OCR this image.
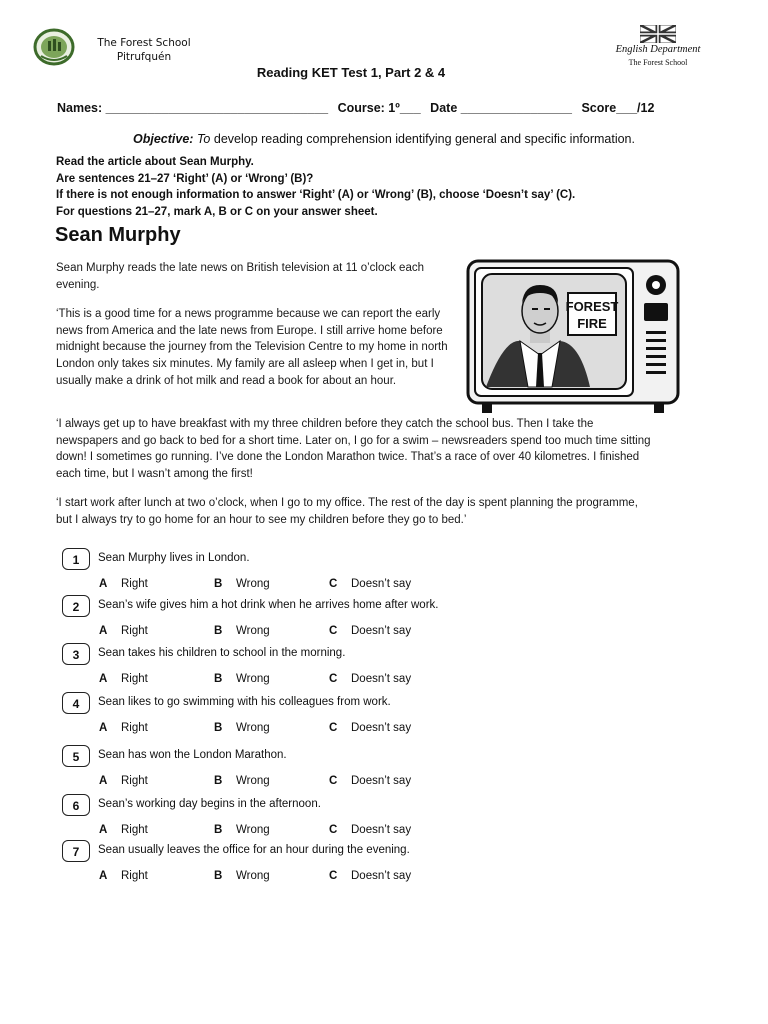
The Forest School
Pitrufquén
English Department
The Forest School
Reading KET Test 1, Part 2 & 4
Names: ________________________________ Course: 1º___ Date ________________ Score___/12
Objective: To develop reading comprehension identifying general and specific information.
Read the article about Sean Murphy.
Are sentences 21–27 ‘Right’ (A) or ‘Wrong’ (B)?
If there is not enough information to answer ‘Right’ (A) or ‘Wrong’ (B), choose ‘Doesn’t say’ (C).
For questions 21–27, mark A, B or C on your answer sheet.
Sean Murphy
Sean Murphy reads the late news on British television at 11 o’clock each evening.
‘This is a good time for a news programme because we can report the early news from America and the late news from Europe. I still arrive home before midnight because the journey from the Television Centre to my home in north London only takes six minutes. My family are all asleep when I get in, but I usually make a drink of hot milk and read a book for about an hour.
‘I always get up to have breakfast with my three children before they catch the school bus. Then I take the newspapers and go back to bed for a short time. Later on, I go for a swim – newsreaders spend too much time sitting down! I sometimes go running. I’ve done the London Marathon twice. That’s a race of over 40 kilometres. I finished each time, but I wasn’t among the first!
‘I start work after lunch at two o’clock, when I go to my office. The rest of the day is spent planning the programme, but I always try to go home for an hour to see my children before they go to bed.’
FOREST
FIRE
1	Sean Murphy lives in London.
A Right	B Wrong	C Doesn’t say
2	Sean’s wife gives him a hot drink when he arrives home after work.
A Right	B Wrong	C Doesn’t say
3	Sean takes his children to school in the morning.
A Right	B Wrong	C Doesn’t say
4	Sean likes to go swimming with his colleagues from work.
A Right	B Wrong	C Doesn’t say
5	Sean has won the London Marathon.
A Right	B Wrong	C Doesn’t say
6	Sean’s working day begins in the afternoon.
A Right	B Wrong	C Doesn’t say
7	Sean usually leaves the office for an hour during the evening.
A Right	B Wrong	C Doesn’t say
